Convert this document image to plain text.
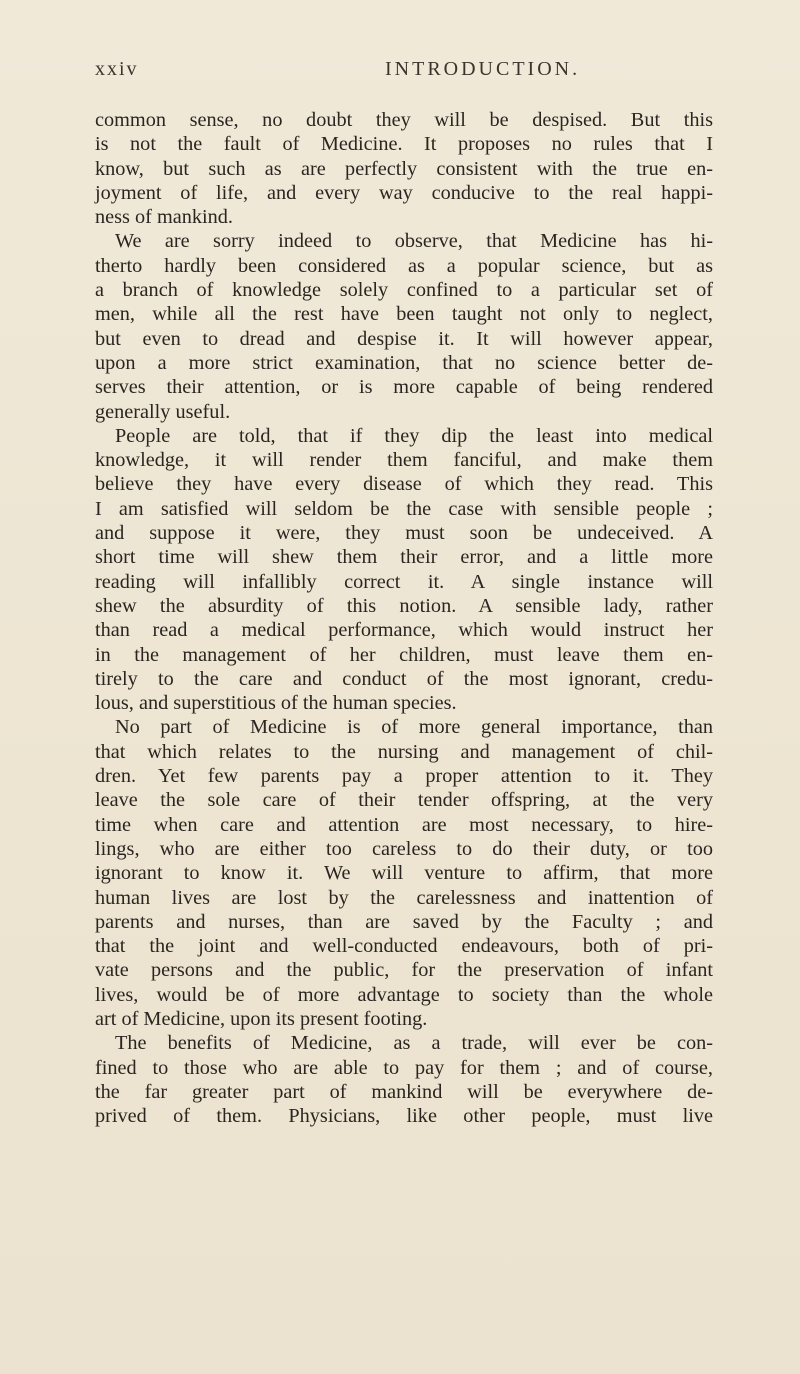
xxiv	INTRODUCTION.
common sense, no doubt they will be despised. But this
is not the fault of Medicine. It proposes no rules that I
know, but such as are perfectly consistent with the true en-
joyment of life, and every way conducive to the real happi-
ness of mankind.
We are sorry indeed to observe, that Medicine has hi-
therto hardly been considered as a popular science, but as
a branch of knowledge solely confined to a particular set of
men, while all the rest have been taught not only to neglect,
but even to dread and despise it. It will however appear,
upon a more strict examination, that no science better de-
serves their attention, or is more capable of being rendered
generally useful.
People are told, that if they dip the least into medical
knowledge, it will render them fanciful, and make them
believe they have every disease of which they read. This
I am satisfied will seldom be the case with sensible people ;
and suppose it were, they must soon be undeceived. A
short time will shew them their error, and a little more
reading will infallibly correct it. A single instance will
shew the absurdity of this notion. A sensible lady, rather
than read a medical performance, which would instruct her
in the management of her children, must leave them en-
tirely to the care and conduct of the most ignorant, credu-
lous, and superstitious of the human species.
No part of Medicine is of more general importance, than
that which relates to the nursing and management of chil-
dren. Yet few parents pay a proper attention to it. They
leave the sole care of their tender offspring, at the very
time when care and attention are most necessary, to hire-
lings, who are either too careless to do their duty, or too
ignorant to know it. We will venture to affirm, that more
human lives are lost by the carelessness and inattention of
parents and nurses, than are saved by the Faculty ; and
that the joint and well-conducted endeavours, both of pri-
vate persons and the public, for the preservation of infant
lives, would be of more advantage to society than the whole
art of Medicine, upon its present footing.
The benefits of Medicine, as a trade, will ever be con-
fined to those who are able to pay for them ; and of course,
the far greater part of mankind will be everywhere de-
prived of them. Physicians, like other people, must live
